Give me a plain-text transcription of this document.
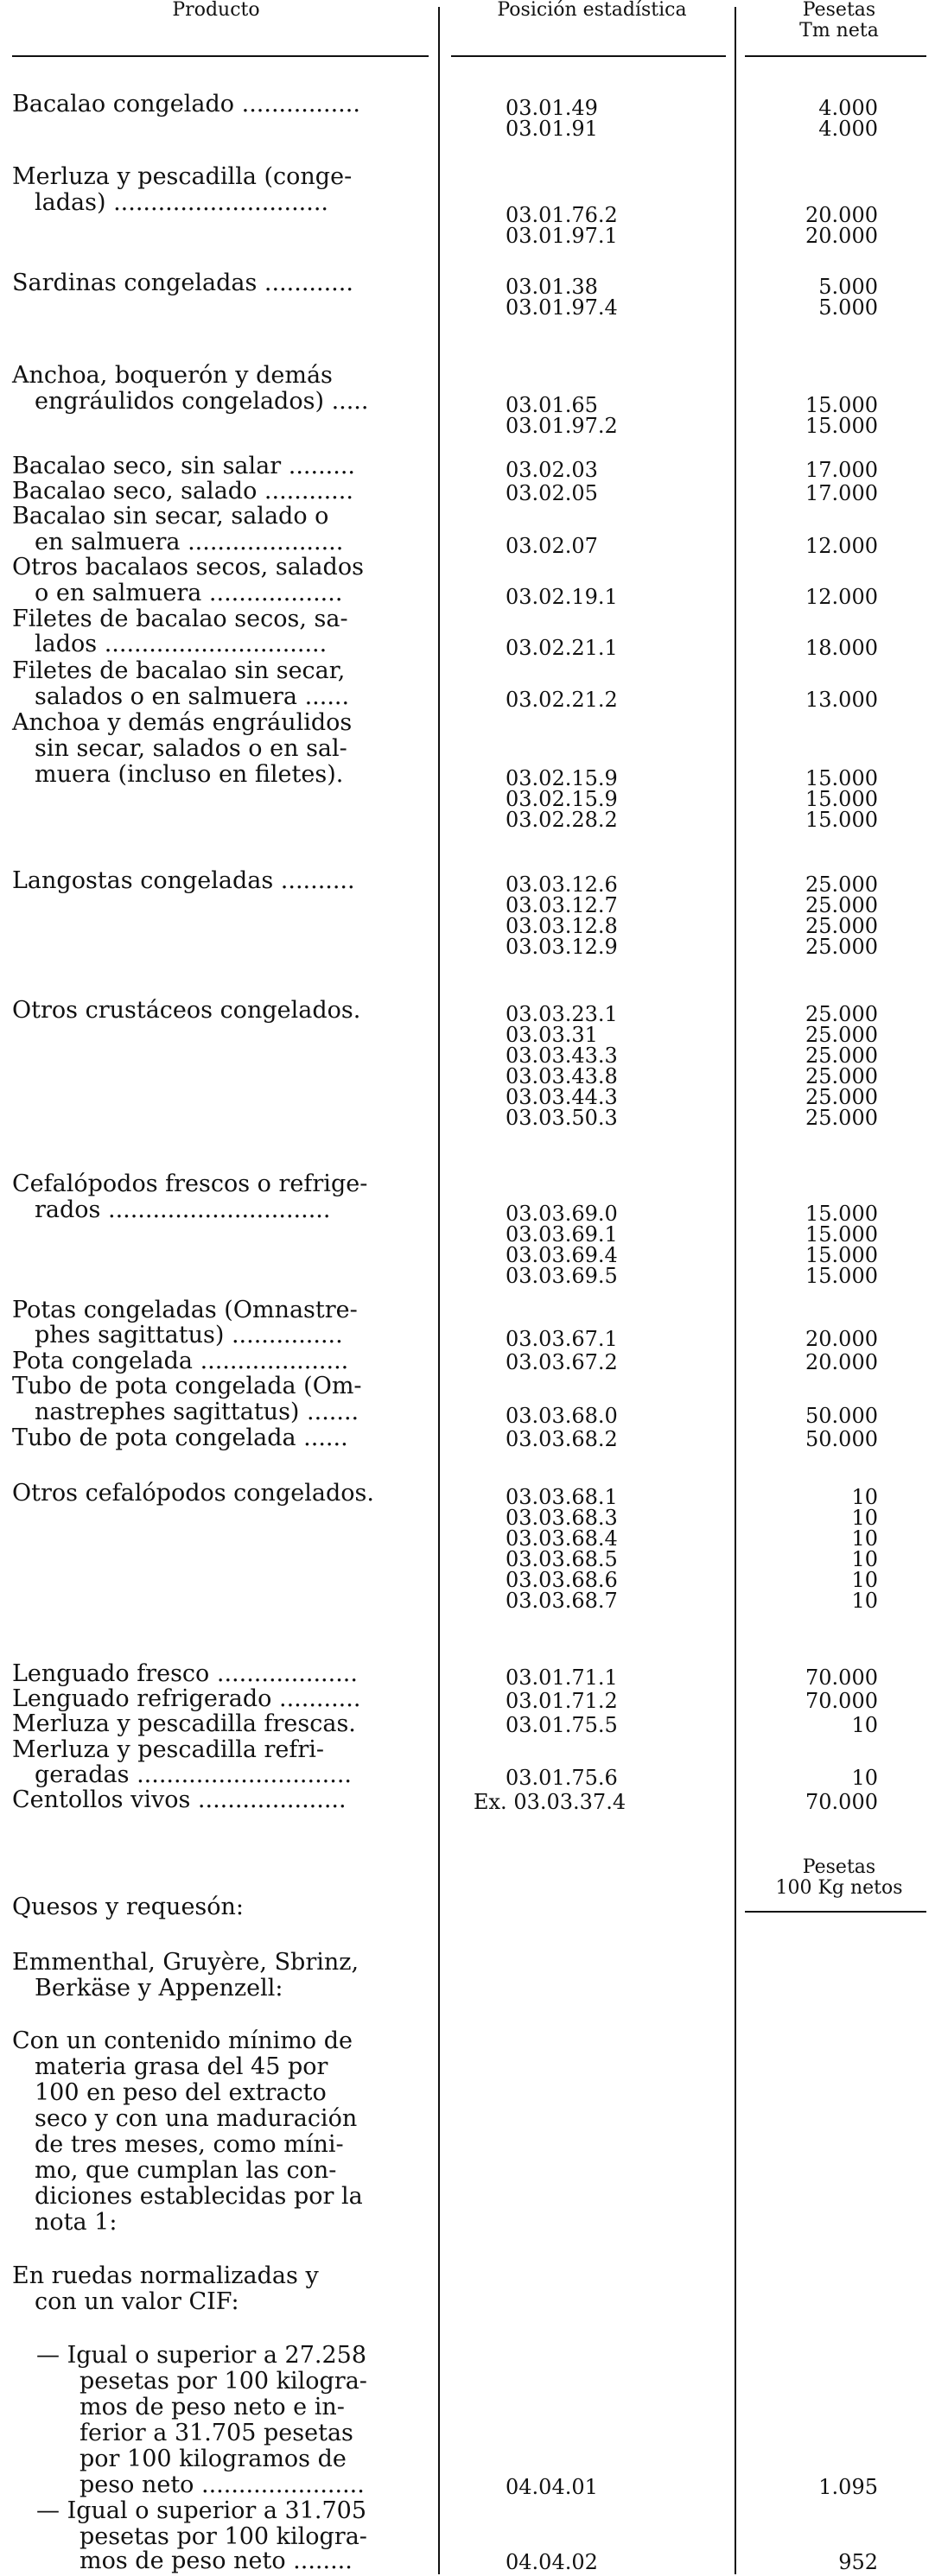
Producto	Posición estadística	Pesetas
Tm neta
Bacalao congelado ................
Merluza y pescadilla (conge-
ladas) .............................
Sardinas congeladas ............
Anchoa, boquerón y demás
engráulidos congelados) .....
Bacalao seco, sin salar .........
Bacalao seco, salado ............
Bacalao sin secar, salado o
en salmuera .....................
Otros bacalaos secos, salados
o en salmuera ..................
Filetes de bacalao secos, sa-
lados ..............................
Filetes de bacalao sin secar,
salados o en salmuera ......
Anchoa y demás engráulidos
sin secar, salados o en sal-
muera (incluso en filetes).
Langostas congeladas ..........
Otros crustáceos congelados.
Cefalópodos frescos o refrige-
rados ..............................
Potas congeladas (Omnastre-
phes sagittatus) ...............
Pota congelada ....................
Tubo de pota congelada (Om-
nastrephes sagittatus) .......
Tubo de pota congelada ......
Otros cefalópodos congelados.
Lenguado fresco ...................
Lenguado refrigerado ...........
Merluza y pescadilla frescas.
Merluza y pescadilla refri-
geradas .............................
Centollos vivos ....................
Quesos y requesón:
Emmenthal, Gruyère, Sbrinz,
Berkäse y Appenzell:
Con un contenido mínimo de
materia grasa del 45 por
100 en peso del extracto
seco y con una maduración
de tres meses, como míni-
mo, que cumplan las con-
diciones establecidas por la
nota 1:
En ruedas normalizadas y
con un valor CIF:
— Igual o superior a 27.258
pesetas por 100 kilogra-
mos de peso neto e in-
ferior a 31.705 pesetas
por 100 kilogramos de
peso neto ......................
— Igual o superior a 31.705
pesetas por 100 kilogra-
mos de peso neto ........
03.01.49
03.01.91
03.01.76.2
03.01.97.1
03.01.38
03.01.97.4
03.01.65
03.01.97.2
03.02.03
03.02.05
03.02.07
03.02.19.1
03.02.21.1
03.02.21.2
03.02.15.9
03.02.15.9
03.02.28.2
03.03.12.6
03.03.12.7
03.03.12.8
03.03.12.9
03.03.23.1
03.03.31
03.03.43.3
03.03.43.8
03.03.44.3
03.03.50.3
03.03.69.0
03.03.69.1
03.03.69.4
03.03.69.5
03.03.67.1
03.03.67.2
03.03.68.0
03.03.68.2
03.03.68.1
03.03.68.3
03.03.68.4
03.03.68.5
03.03.68.6
03.03.68.7
03.01.71.1
03.01.71.2
03.01.75.5
03.01.75.6
Ex. 03.03.37.4
04.04.01
04.04.02
4.000
4.000
20.000
20.000
5.000
5.000
15.000
15.000
17.000
17.000
12.000
12.000
18.000
13.000
15.000
15.000
15.000
25.000
25.000
25.000
25.000
25.000
25.000
25.000
25.000
25.000
25.000
15.000
15.000
15.000
15.000
20.000
20.000
50.000
50.000
10
10
10
10
10
10
70.000
70.000
10
10
70.000
1.095
952
Pesetas
100 Kg netos
